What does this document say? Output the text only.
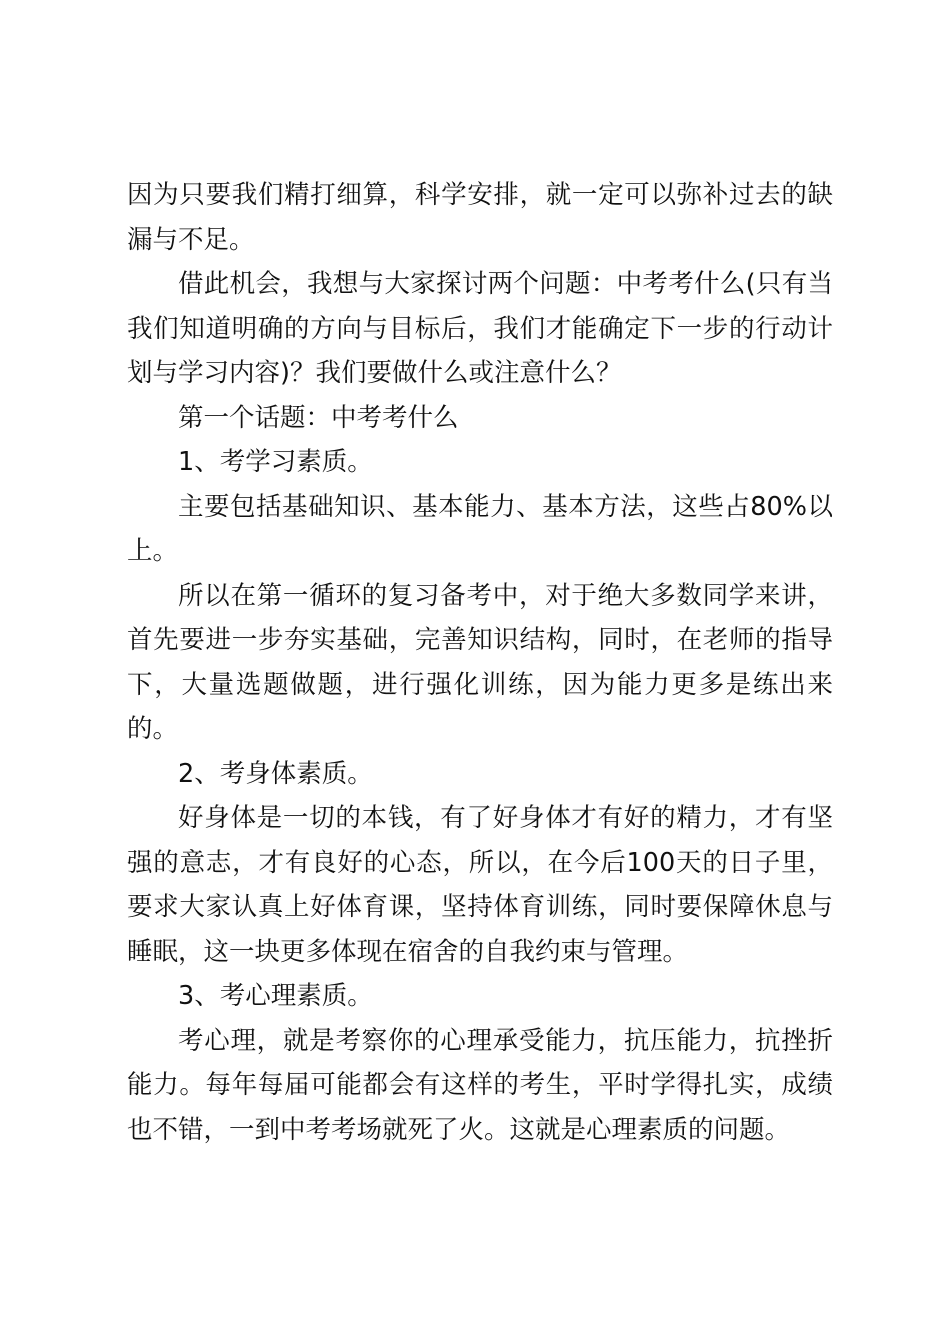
因为只要我们精打细算，科学安排，就一定可以弥补过去的缺漏与不足。

借此机会，我想与大家探讨两个问题：中考考什么(只有当我们知道明确的方向与目标后，我们才能确定下一步的行动计划与学习内容)？我们要做什么或注意什么？

第一个话题：中考考什么

1、考学习素质。

主要包括基础知识、基本能力、基本方法，这些占80%以上。

所以在第一循环的复习备考中，对于绝大多数同学来讲，首先要进一步夯实基础，完善知识结构，同时，在老师的指导下，大量选题做题，进行强化训练，因为能力更多是练出来的。

2、考身体素质。

好身体是一切的本钱，有了好身体才有好的精力，才有坚强的意志，才有良好的心态，所以，在今后100天的日子里，要求大家认真上好体育课，坚持体育训练，同时要保障休息与睡眠，这一块更多体现在宿舍的自我约束与管理。

3、考心理素质。

考心理，就是考察你的心理承受能力，抗压能力，抗挫折能力。每年每届可能都会有这样的考生，平时学得扎实，成绩也不错，一到中考考场就死了火。这就是心理素质的问题。
